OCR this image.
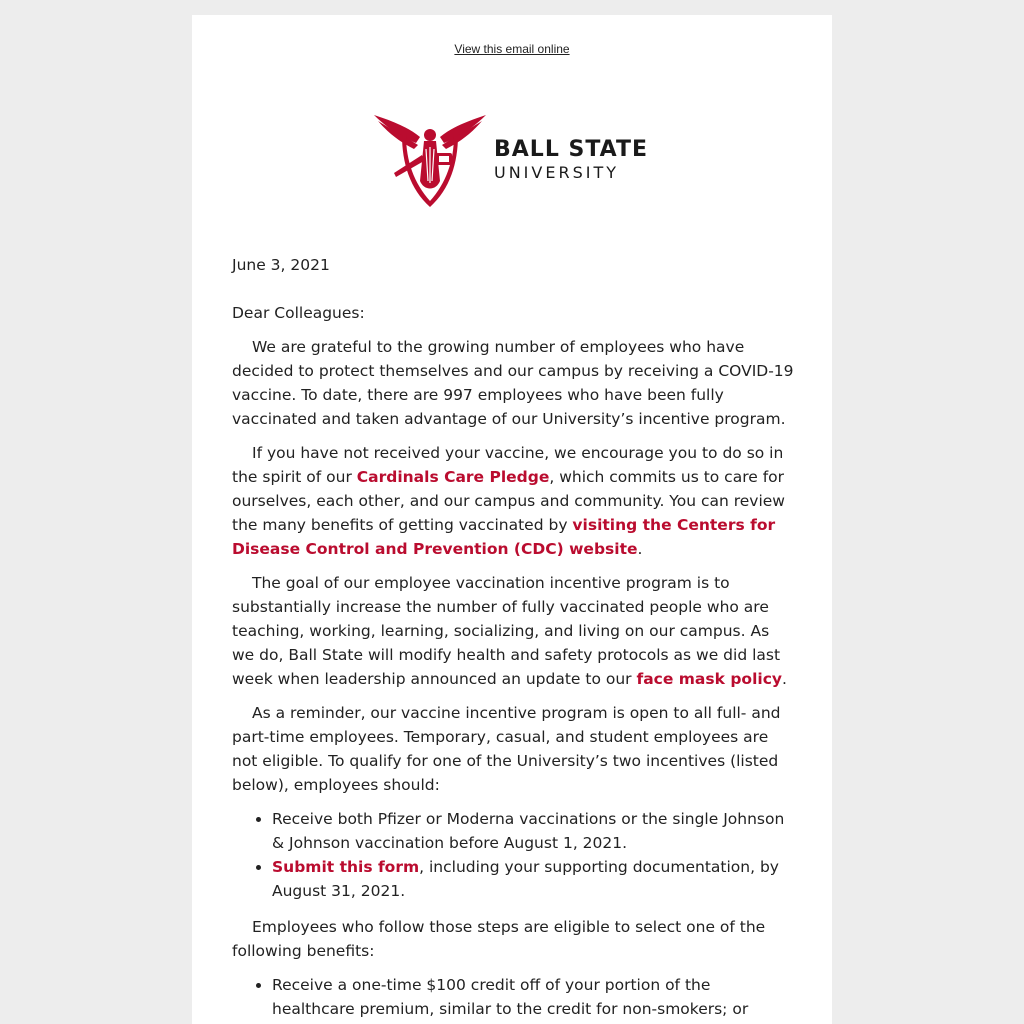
View this email online
BALL STATE
UNIVERSITY

June 3, 2021

Dear Colleagues:

We are grateful to the growing number of employees who have decided to protect themselves and our campus by receiving a COVID-19 vaccine. To date, there are 997 employees who have been fully vaccinated and taken advantage of our University’s incentive program.

If you have not received your vaccine, we encourage you to do so in the spirit of our Cardinals Care Pledge, which commits us to care for ourselves, each other, and our campus and community. You can review the many benefits of getting vaccinated by visiting the Centers for Disease Control and Prevention (CDC) website.

The goal of our employee vaccination incentive program is to substantially increase the number of fully vaccinated people who are teaching, working, learning, socializing, and living on our campus. As we do, Ball State will modify health and safety protocols as we did last week when leadership announced an update to our face mask policy.

As a reminder, our vaccine incentive program is open to all full- and part-time employees. Temporary, casual, and student employees are not eligible. To qualify for one of the University’s two incentives (listed below), employees should:

• Receive both Pfizer or Moderna vaccinations or the single Johnson & Johnson vaccination before August 1, 2021.
• Submit this form, including your supporting documentation, by August 31, 2021.

Employees who follow those steps are eligible to select one of the following benefits:

• Receive a one-time $100 credit off of your portion of the healthcare premium, similar to the credit for non-smokers; or
